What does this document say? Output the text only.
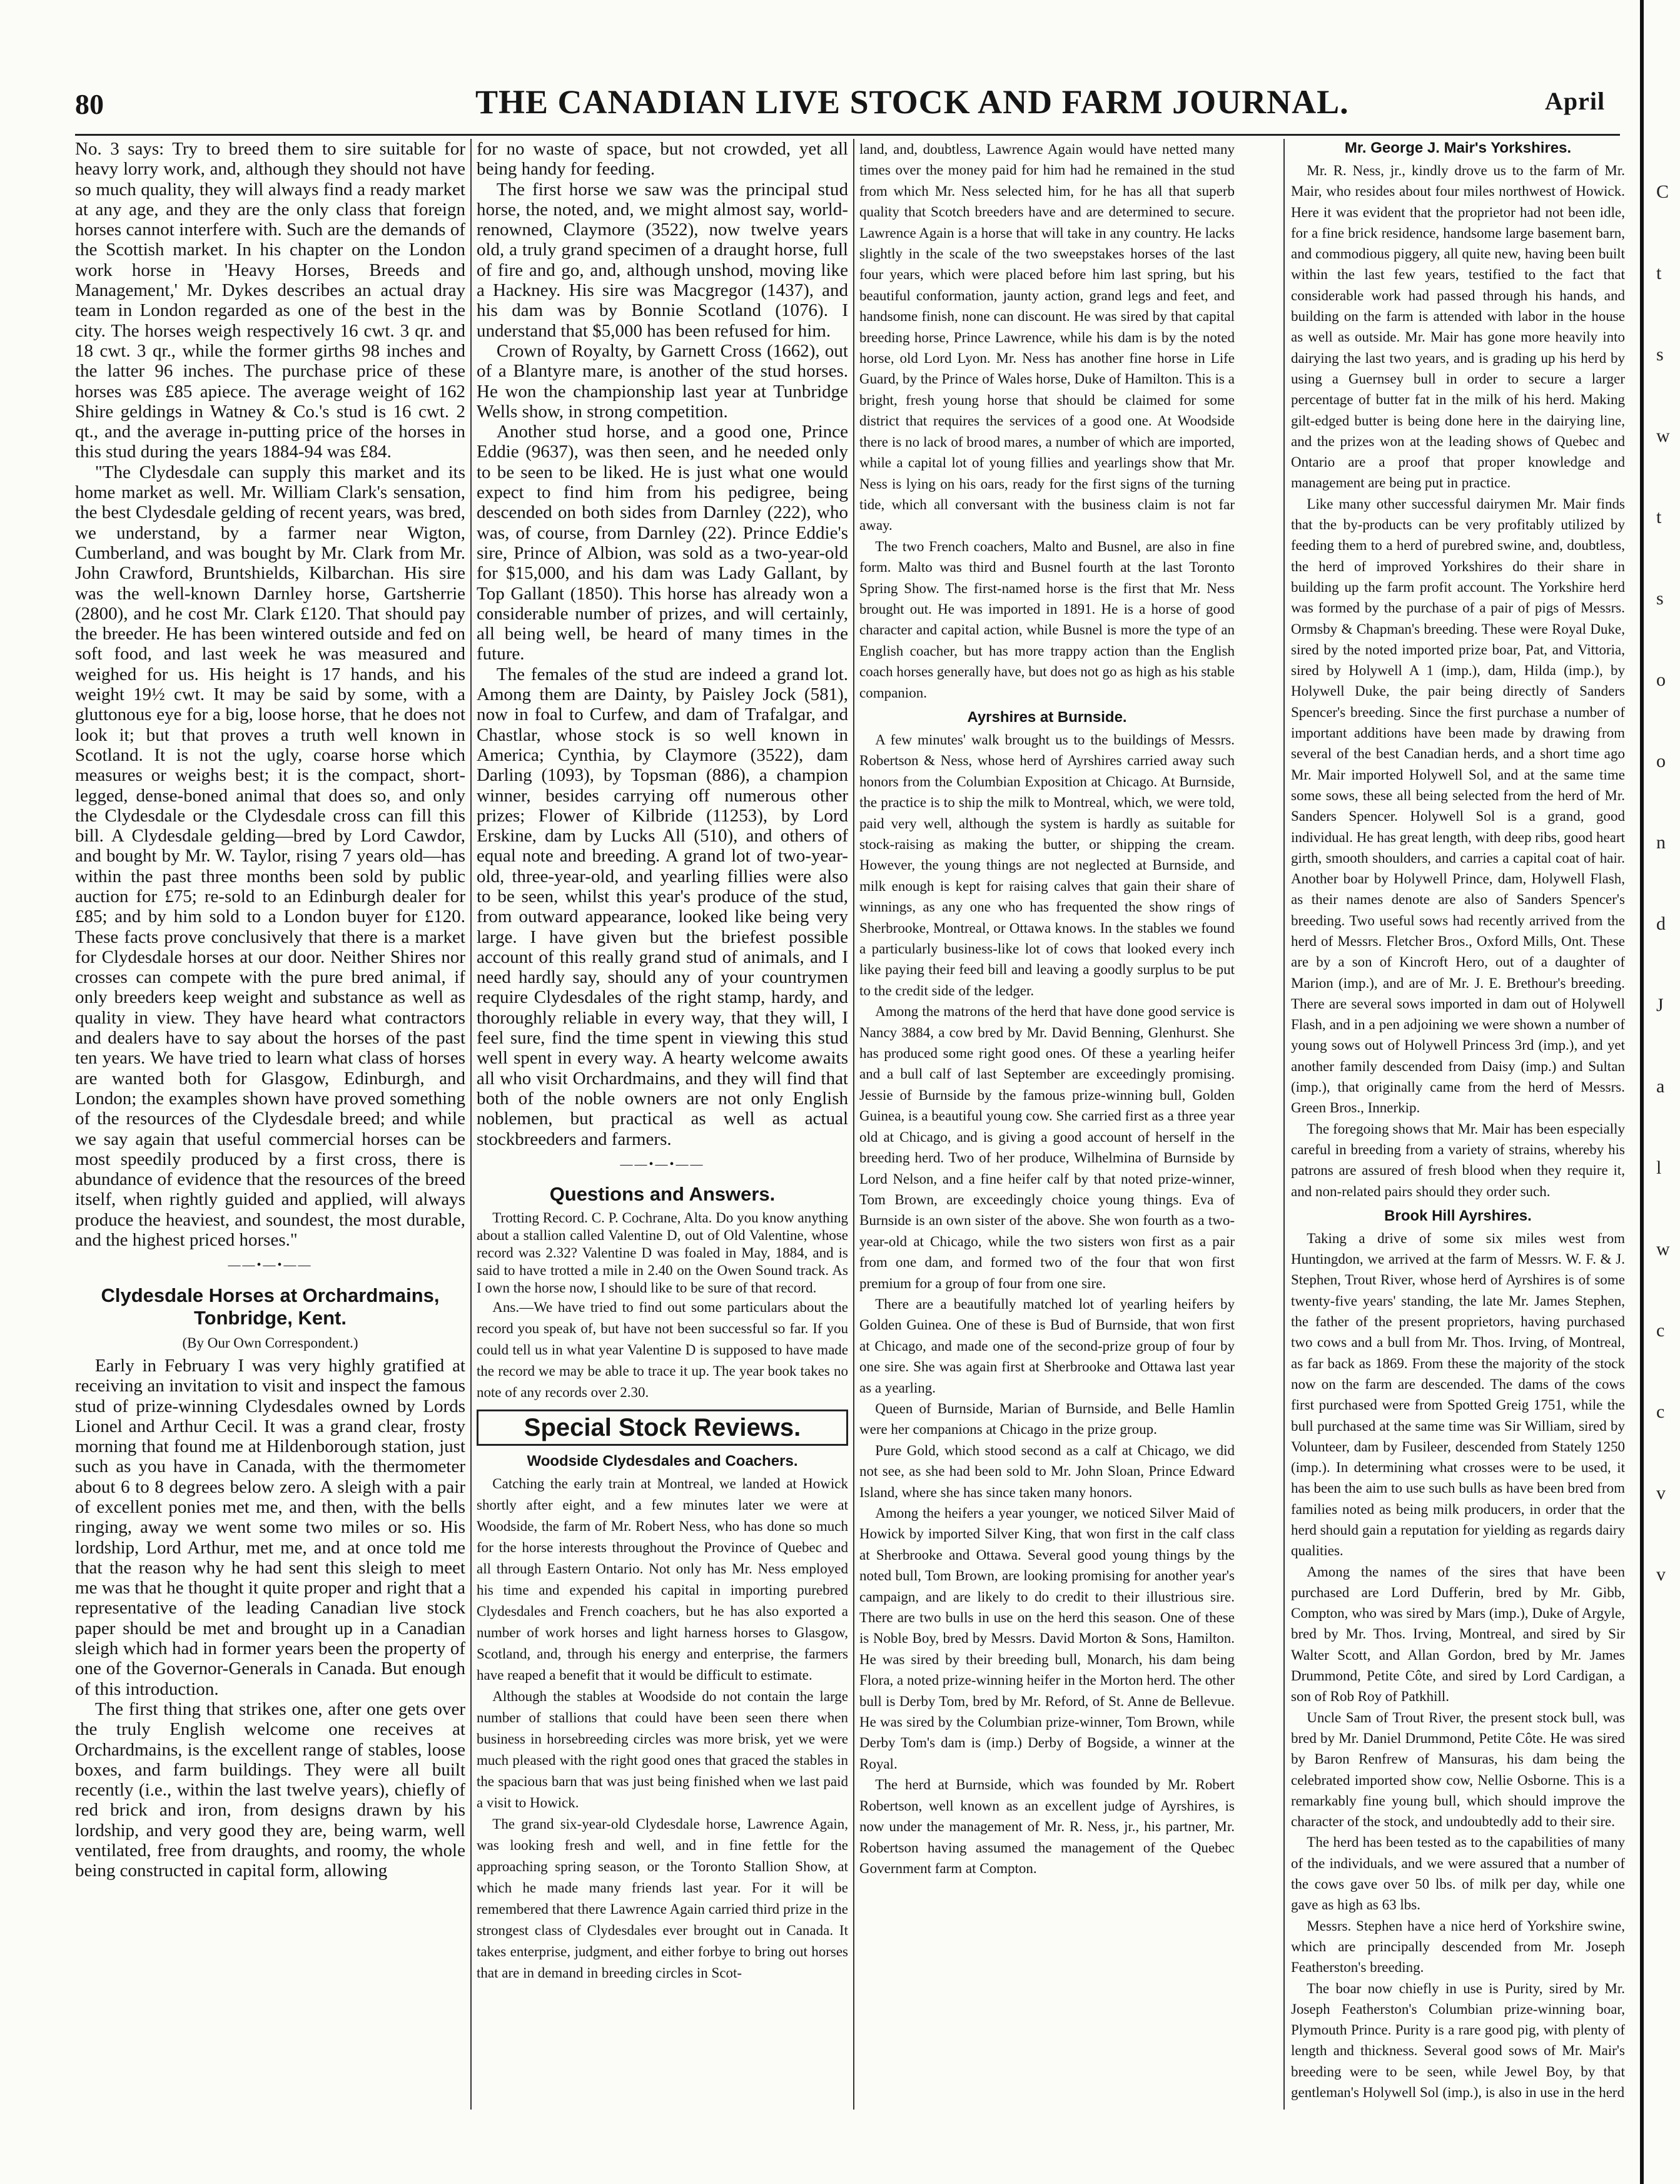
80	THE CANADIAN LIVE STOCK AND FARM JOURNAL.	April

No. 3 says: Try to breed them to sire suitable for heavy lorry work, and, although they should not have so much quality, they will always find a ready market at any age, and they are the only class that foreign horses cannot interfere with. Such are the demands of the Scottish market. In his chapter on the London work horse in 'Heavy Horses, Breeds and Management,' Mr. Dykes describes an actual dray team in London regarded as one of the best in the city. The horses weigh respectively 16 cwt. 3 qr. and 18 cwt. 3 qr., while the former girths 98 inches and the latter 96 inches. The purchase price of these horses was £85 apiece. The average weight of 162 Shire geldings in Watney & Co.'s stud is 16 cwt. 2 qt., and the average in-putting price of the horses in this stud during the years 1884-94 was £84.

"The Clydesdale can supply this market and its home market as well. Mr. William Clark's sensation, the best Clydesdale gelding of recent years, was bred, we understand, by a farmer near Wigton, Cumberland, and was bought by Mr. Clark from Mr. John Crawford, Bruntshields, Kilbarchan. His sire was the well-known Darnley horse, Gartsherrie (2800), and he cost Mr. Clark £120. That should pay the breeder. He has been wintered outside and fed on soft food, and last week he was measured and weighed for us. His height is 17 hands, and his weight 19½ cwt. It may be said by some, with a gluttonous eye for a big, loose horse, that he does not look it; but that proves a truth well known in Scotland. It is not the ugly, coarse horse which measures or weighs best; it is the compact, short-legged, dense-boned animal that does so, and only the Clydesdale or the Clydesdale cross can fill this bill. A Clydesdale gelding—bred by Lord Cawdor, and bought by Mr. W. Taylor, rising 7 years old—has within the past three months been sold by public auction for £75; re-sold to an Edinburgh dealer for £85; and by him sold to a London buyer for £120. These facts prove conclusively that there is a market for Clydesdale horses at our door. Neither Shires nor crosses can compete with the pure bred animal, if only breeders keep weight and substance as well as quality in view. They have heard what contractors and dealers have to say about the horses of the past ten years. We have tried to learn what class of horses are wanted both for Glasgow, Edinburgh, and London; the examples shown have proved something of the resources of the Clydesdale breed; and while we say again that useful commercial horses can be most speedily produced by a first cross, there is abundance of evidence that the resources of the breed itself, when rightly guided and applied, will always produce the heaviest, and soundest, the most durable, and the highest priced horses."

——•—•——
Clydesdale Horses at Orchardmains, Tonbridge, Kent.
(By Our Own Correspondent.)

Early in February I was very highly gratified at receiving an invitation to visit and inspect the famous stud of prize-winning Clydesdales owned by Lords Lionel and Arthur Cecil. It was a grand clear, frosty morning that found me at Hildenborough station, just such as you have in Canada, with the thermometer about 6 to 8 degrees below zero. A sleigh with a pair of excellent ponies met me, and then, with the bells ringing, away we went some two miles or so. His lordship, Lord Arthur, met me, and at once told me that the reason why he had sent this sleigh to meet me was that he thought it quite proper and right that a representative of the leading Canadian live stock paper should be met and brought up in a Canadian sleigh which had in former years been the property of one of the Governor-Generals in Canada. But enough of this introduction.

The first thing that strikes one, after one gets over the truly English welcome one receives at Orchardmains, is the excellent range of stables, loose boxes, and farm buildings. They were all built recently (i.e., within the last twelve years), chiefly of red brick and iron, from designs drawn by his lordship, and very good they are, being warm, well ventilated, free from draughts, and roomy, the whole being constructed in capital form, allowing

for no waste of space, but not crowded, yet all being handy for feeding.

The first horse we saw was the principal stud horse, the noted, and, we might almost say, world-renowned, Claymore (3522), now twelve years old, a truly grand specimen of a draught horse, full of fire and go, and, although unshod, moving like a Hackney. His sire was Macgregor (1437), and his dam was by Bonnie Scotland (1076). I understand that $5,000 has been refused for him.

Crown of Royalty, by Garnett Cross (1662), out of a Blantyre mare, is another of the stud horses. He won the championship last year at Tunbridge Wells show, in strong competition.

Another stud horse, and a good one, Prince Eddie (9637), was then seen, and he needed only to be seen to be liked. He is just what one would expect to find him from his pedigree, being descended on both sides from Darnley (222), who was, of course, from Darnley (22). Prince Eddie's sire, Prince of Albion, was sold as a two-year-old for $15,000, and his dam was Lady Gallant, by Top Gallant (1850). This horse has already won a considerable number of prizes, and will certainly, all being well, be heard of many times in the future.

The females of the stud are indeed a grand lot. Among them are Dainty, by Paisley Jock (581), now in foal to Curfew, and dam of Trafalgar, and Chastlar, whose stock is so well known in America; Cynthia, by Claymore (3522), dam Darling (1093), by Topsman (886), a champion winner, besides carrying off numerous other prizes; Flower of Kilbride (11253), by Lord Erskine, dam by Lucks All (510), and others of equal note and breeding. A grand lot of two-year-old, three-year-old, and yearling fillies were also to be seen, whilst this year's produce of the stud, from outward appearance, looked like being very large. I have given but the briefest possible account of this really grand stud of animals, and I need hardly say, should any of your countrymen require Clydesdales of the right stamp, hardy, and thoroughly reliable in every way, that they will, I feel sure, find the time spent in viewing this stud well spent in every way. A hearty welcome awaits all who visit Orchardmains, and they will find that both of the noble owners are not only English noblemen, but practical as well as actual stockbreeders and farmers.

——•—•——
Questions and Answers.

Trotting Record. C. P. Cochrane, Alta. Do you know anything about a stallion called Valentine D, out of Old Valentine, whose record was 2.32? Valentine D was foaled in May, 1884, and is said to have trotted a mile in 2.40 on the Owen Sound track. As I own the horse now, I should like to be sure of that record.

Ans.—We have tried to find out some particulars about the record you speak of, but have not been successful so far. If you could tell us in what year Valentine D is supposed to have made the record we may be able to trace it up. The year book takes no note of any records over 2.30.

Special Stock Reviews.
Woodside Clydesdales and Coachers.

Catching the early train at Montreal, we landed at Howick shortly after eight, and a few minutes later we were at Woodside, the farm of Mr. Robert Ness, who has done so much for the horse interests throughout the Province of Quebec and all through Eastern Ontario. Not only has Mr. Ness employed his time and expended his capital in importing purebred Clydesdales and French coachers, but he has also exported a number of work horses and light harness horses to Glasgow, Scotland, and, through his energy and enterprise, the farmers have reaped a benefit that it would be difficult to estimate.

Although the stables at Woodside do not contain the large number of stallions that could have been seen there when business in horsebreeding circles was more brisk, yet we were much pleased with the right good ones that graced the stables in the spacious barn that was just being finished when we last paid a visit to Howick.

The grand six-year-old Clydesdale horse, Lawrence Again, was looking fresh and well, and in fine fettle for the approaching spring season, or the Toronto Stallion Show, at which he made many friends last year. For it will be remembered that there Lawrence Again carried third prize in the strongest class of Clydesdales ever brought out in Canada. It takes enterprise, judgment, and either forbye to bring out horses that are in demand in breeding circles in Scot-

land, and, doubtless, Lawrence Again would have netted many times over the money paid for him had he remained in the stud from which Mr. Ness selected him, for he has all that superb quality that Scotch breeders have and are determined to secure. Lawrence Again is a horse that will take in any country. He lacks slightly in the scale of the two sweepstakes horses of the last four years, which were placed before him last spring, but his beautiful conformation, jaunty action, grand legs and feet, and handsome finish, none can discount. He was sired by that capital breeding horse, Prince Lawrence, while his dam is by the noted horse, old Lord Lyon. Mr. Ness has another fine horse in Life Guard, by the Prince of Wales horse, Duke of Hamilton. This is a bright, fresh young horse that should be claimed for some district that requires the services of a good one. At Woodside there is no lack of brood mares, a number of which are imported, while a capital lot of young fillies and yearlings show that Mr. Ness is lying on his oars, ready for the first signs of the turning tide, which all conversant with the business claim is not far away.

The two French coachers, Malto and Busnel, are also in fine form. Malto was third and Busnel fourth at the last Toronto Spring Show. The first-named horse is the first that Mr. Ness brought out. He was imported in 1891. He is a horse of good character and capital action, while Busnel is more the type of an English coacher, but has more trappy action than the English coach horses generally have, but does not go as high as his stable companion.

Ayrshires at Burnside.

A few minutes' walk brought us to the buildings of Messrs. Robertson & Ness, whose herd of Ayrshires carried away such honors from the Columbian Exposition at Chicago. At Burnside, the practice is to ship the milk to Montreal, which, we were told, paid very well, although the system is hardly as suitable for stock-raising as making the butter, or shipping the cream. However, the young things are not neglected at Burnside, and milk enough is kept for raising calves that gain their share of winnings, as any one who has frequented the show rings of Sherbrooke, Montreal, or Ottawa knows. In the stables we found a particularly business-like lot of cows that looked every inch like paying their feed bill and leaving a goodly surplus to be put to the credit side of the ledger.

Among the matrons of the herd that have done good service is Nancy 3884, a cow bred by Mr. David Benning, Glenhurst. She has produced some right good ones. Of these a yearling heifer and a bull calf of last September are exceedingly promising. Jessie of Burnside by the famous prize-winning bull, Golden Guinea, is a beautiful young cow. She carried first as a three year old at Chicago, and is giving a good account of herself in the breeding herd. Two of her produce, Wilhelmina of Burnside by Lord Nelson, and a fine heifer calf by that noted prize-winner, Tom Brown, are exceedingly choice young things. Eva of Burnside is an own sister of the above. She won fourth as a two-year-old at Chicago, while the two sisters won first as a pair from one dam, and formed two of the four that won first premium for a group of four from one sire.

There are a beautifully matched lot of yearling heifers by Golden Guinea. One of these is Bud of Burnside, that won first at Chicago, and made one of the second-prize group of four by one sire. She was again first at Sherbrooke and Ottawa last year as a yearling.

Queen of Burnside, Marian of Burnside, and Belle Hamlin were her companions at Chicago in the prize group.

Pure Gold, which stood second as a calf at Chicago, we did not see, as she had been sold to Mr. John Sloan, Prince Edward Island, where she has since taken many honors.

Among the heifers a year younger, we noticed Silver Maid of Howick by imported Silver King, that won first in the calf class at Sherbrooke and Ottawa. Several good young things by the noted bull, Tom Brown, are looking promising for another year's campaign, and are likely to do credit to their illustrious sire. There are two bulls in use on the herd this season. One of these is Noble Boy, bred by Messrs. David Morton & Sons, Hamilton. He was sired by their breeding bull, Monarch, his dam being Flora, a noted prize-winning heifer in the Morton herd. The other bull is Derby Tom, bred by Mr. Reford, of St. Anne de Bellevue. He was sired by the Columbian prize-winner, Tom Brown, while Derby Tom's dam is (imp.) Derby of Bogside, a winner at the Royal.

The herd at Burnside, which was founded by Mr. Robert Robertson, well known as an excellent judge of Ayrshires, is now under the management of Mr. R. Ness, jr., his partner, Mr. Robertson having assumed the management of the Quebec Government farm at Compton.

Mr. George J. Mair's Yorkshires.

Mr. R. Ness, jr., kindly drove us to the farm of Mr. Mair, who resides about four miles northwest of Howick. Here it was evident that the proprietor had not been idle, for a fine brick residence, handsome large basement barn, and commodious piggery, all quite new, having been built within the last few years, testified to the fact that considerable work had passed through his hands, and building on the farm is attended with labor in the house as well as outside. Mr. Mair has gone more heavily into dairying the last two years, and is grading up his herd by using a Guernsey bull in order to secure a larger percentage of butter fat in the milk of his herd. Making gilt-edged butter is being done here in the dairying line, and the prizes won at the leading shows of Quebec and Ontario are a proof that proper knowledge and management are being put in practice.

Like many other successful dairymen Mr. Mair finds that the by-products can be very profitably utilized by feeding them to a herd of purebred swine, and, doubtless, the herd of improved Yorkshires do their share in building up the farm profit account. The Yorkshire herd was formed by the purchase of a pair of pigs of Messrs. Ormsby & Chapman's breeding. These were Royal Duke, sired by the noted imported prize boar, Pat, and Vittoria, sired by Holywell A 1 (imp.), dam, Hilda (imp.), by Holywell Duke, the pair being directly of Sanders Spencer's breeding. Since the first purchase a number of important additions have been made by drawing from several of the best Canadian herds, and a short time ago Mr. Mair imported Holywell Sol, and at the same time some sows, these all being selected from the herd of Mr. Sanders Spencer. Holywell Sol is a grand, good individual. He has great length, with deep ribs, good heart girth, smooth shoulders, and carries a capital coat of hair. Another boar by Holywell Prince, dam, Holywell Flash, as their names denote are also of Sanders Spencer's breeding. Two useful sows had recently arrived from the herd of Messrs. Fletcher Bros., Oxford Mills, Ont. These are by a son of Kincroft Hero, out of a daughter of Marion (imp.), and are of Mr. J. E. Brethour's breeding. There are several sows imported in dam out of Holywell Flash, and in a pen adjoining we were shown a number of young sows out of Holywell Princess 3rd (imp.), and yet another family descended from Daisy (imp.) and Sultan (imp.), that originally came from the herd of Messrs. Green Bros., Innerkip.

The foregoing shows that Mr. Mair has been especially careful in breeding from a variety of strains, whereby his patrons are assured of fresh blood when they require it, and non-related pairs should they order such.

Brook Hill Ayrshires.

Taking a drive of some six miles west from Huntingdon, we arrived at the farm of Messrs. W. F. & J. Stephen, Trout River, whose herd of Ayrshires is of some twenty-five years' standing, the late Mr. James Stephen, the father of the present proprietors, having purchased two cows and a bull from Mr. Thos. Irving, of Montreal, as far back as 1869. From these the majority of the stock now on the farm are descended. The dams of the cows first purchased were from Spotted Greig 1751, while the bull purchased at the same time was Sir William, sired by Volunteer, dam by Fusileer, descended from Stately 1250 (imp.). In determining what crosses were to be used, it has been the aim to use such bulls as have been bred from families noted as being milk producers, in order that the herd should gain a reputation for yielding as regards dairy qualities.

Among the names of the sires that have been purchased are Lord Dufferin, bred by Mr. Gibb, Compton, who was sired by Mars (imp.), Duke of Argyle, bred by Mr. Thos. Irving, Montreal, and sired by Sir Walter Scott, and Allan Gordon, bred by Mr. James Drummond, Petite Côte, and sired by Lord Cardigan, a son of Rob Roy of Patkhill.

Uncle Sam of Trout River, the present stock bull, was bred by Mr. Daniel Drummond, Petite Côte. He was sired by Baron Renfrew of Mansuras, his dam being the celebrated imported show cow, Nellie Osborne. This is a remarkably fine young bull, which should improve the character of the stock, and undoubtedly add to their sire.

The herd has been tested as to the capabilities of many of the individuals, and we were assured that a number of the cows gave over 50 lbs. of milk per day, while one gave as high as 63 lbs.

Messrs. Stephen have a nice herd of Yorkshire swine, which are principally descended from Mr. Joseph Featherston's breeding.

The boar now chiefly in use is Purity, sired by Mr. Joseph Featherston's Columbian prize-winning boar, Plymouth Prince. Purity is a rare good pig, with plenty of length and thickness. Several good sows of Mr. Mair's breeding were to be seen, while Jewel Boy, by that gentleman's Holywell Sol (imp.), is also in use in the herd

C
t
s
w
t
s
o
o
n
d
J
a
l
w
c
c
v
v
